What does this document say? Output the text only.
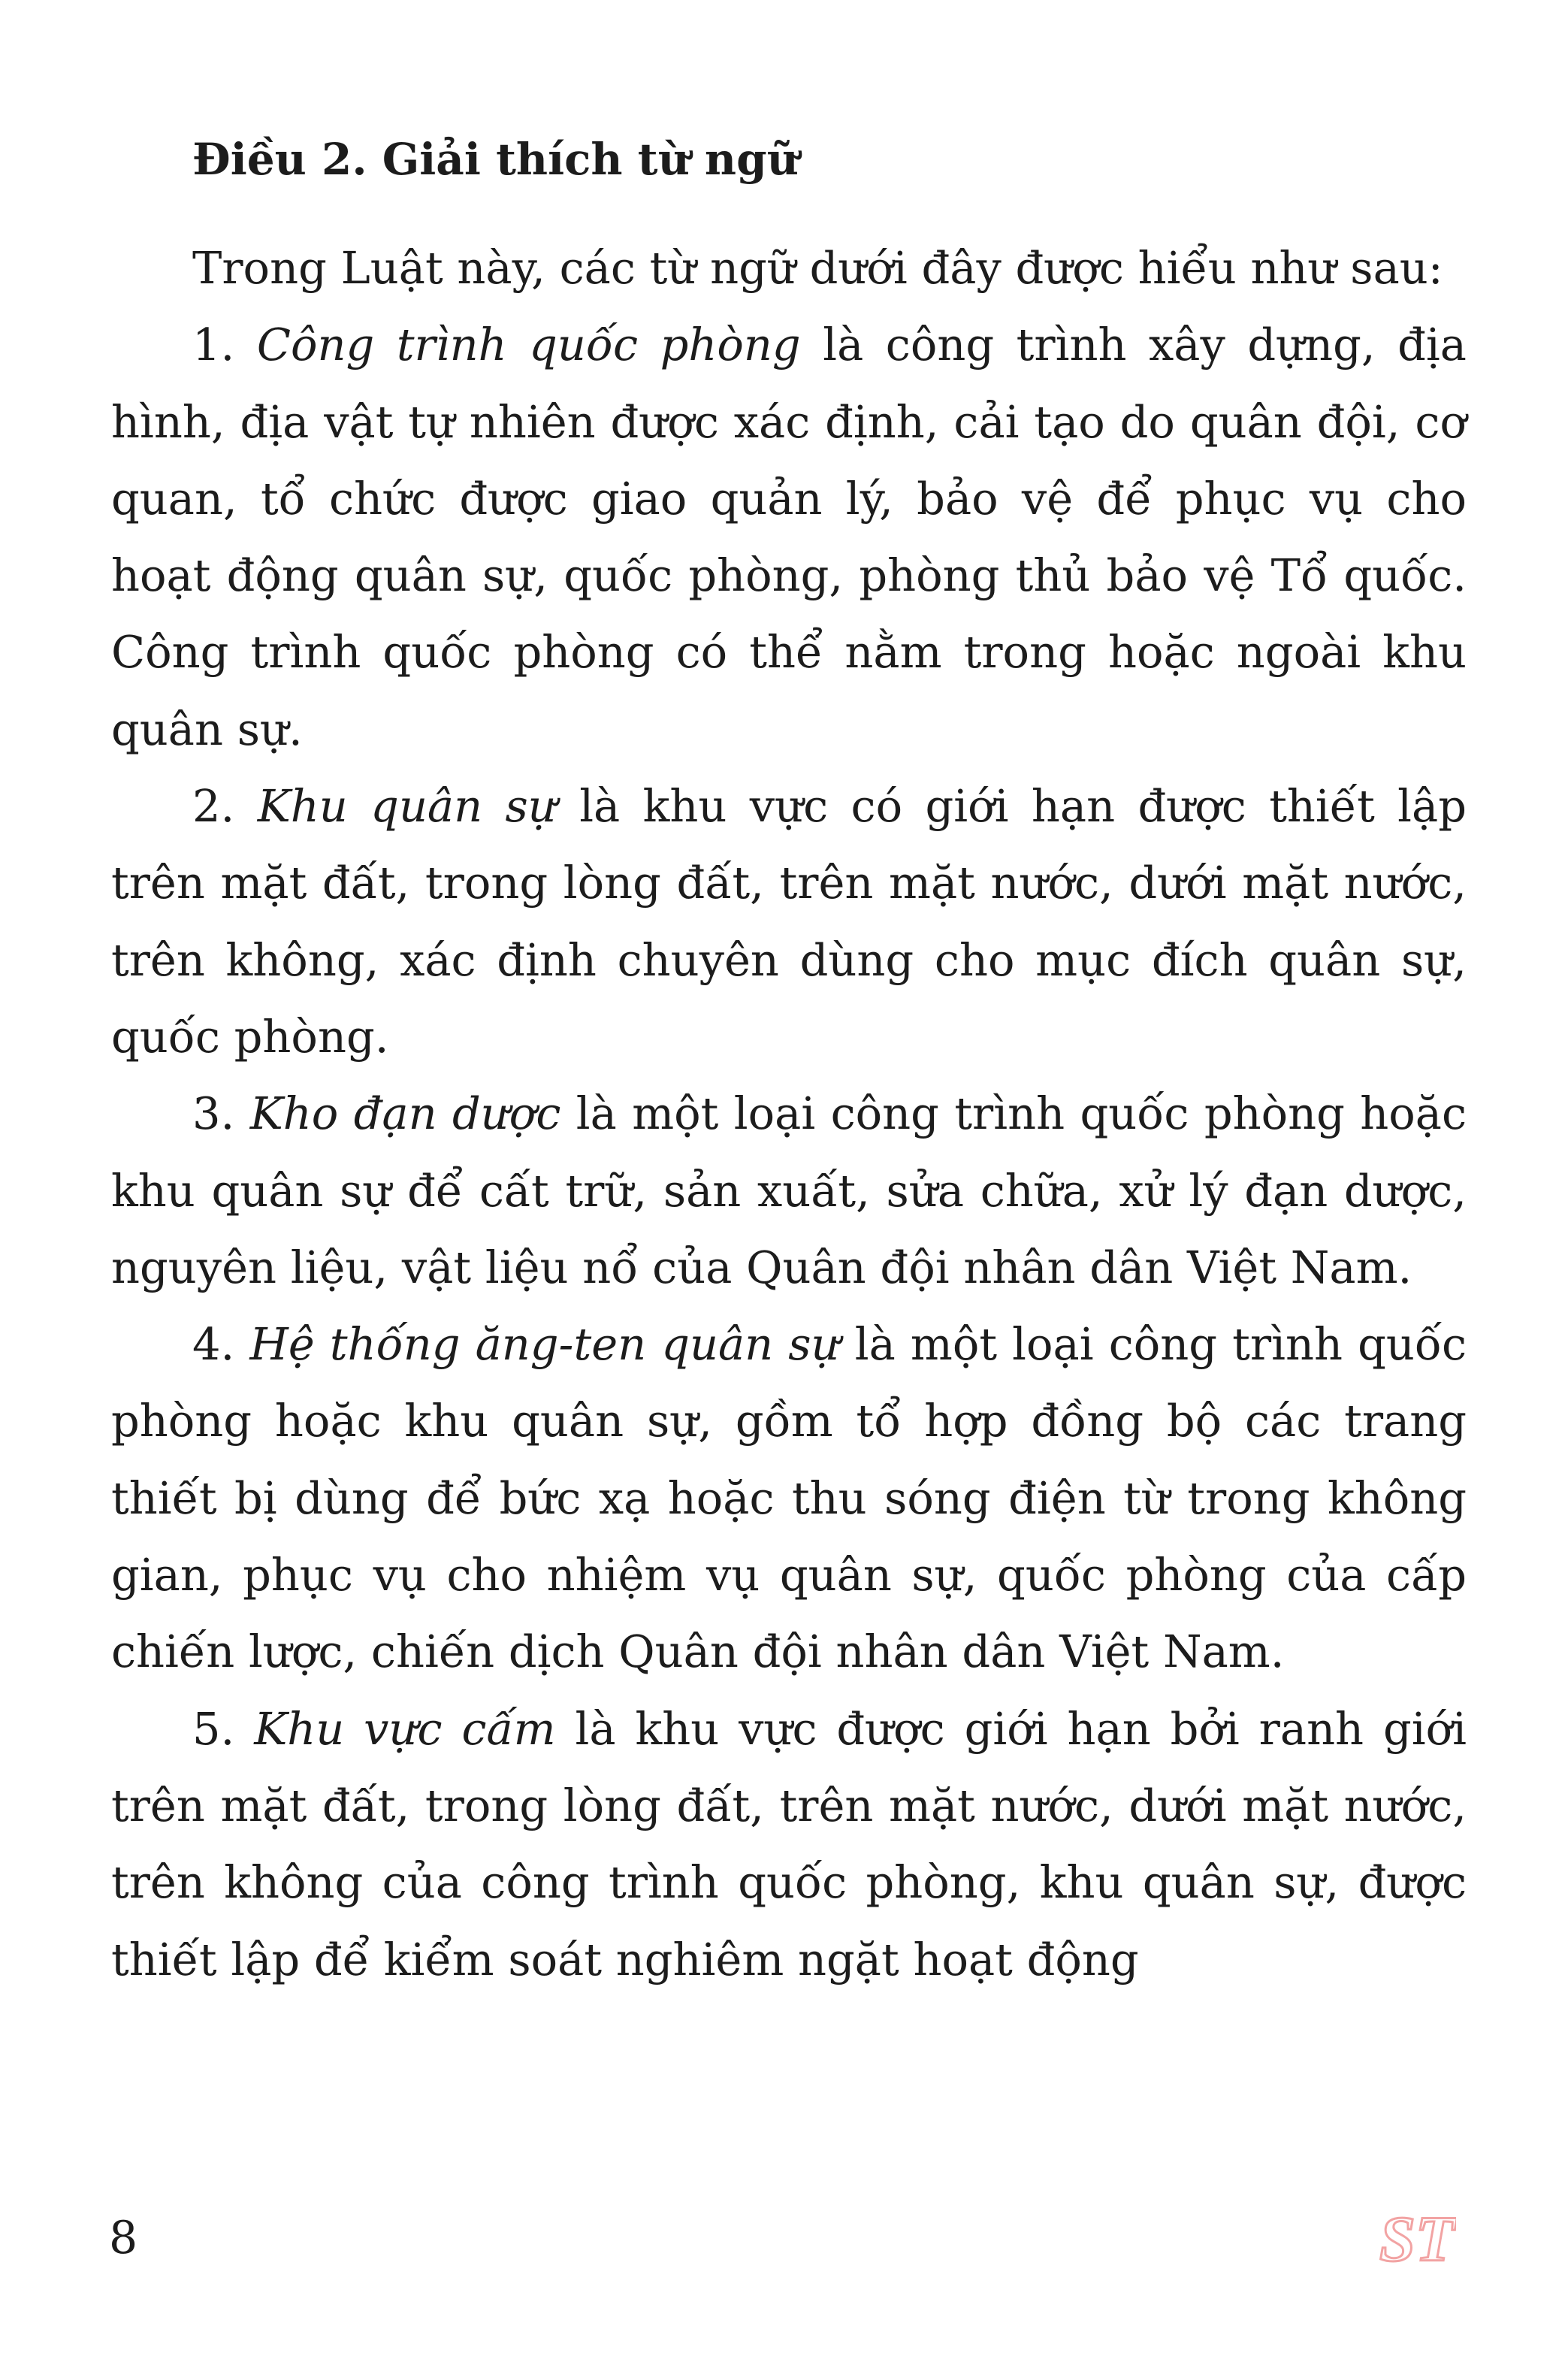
Điều 2. Giải thích từ ngữ

Trong Luật này, các từ ngữ dưới đây được hiểu như sau:

1. Công trình quốc phòng là công trình xây dựng, địa hình, địa vật tự nhiên được xác định, cải tạo do quân đội, cơ quan, tổ chức được giao quản lý, bảo vệ để phục vụ cho hoạt động quân sự, quốc phòng, phòng thủ bảo vệ Tổ quốc. Công trình quốc phòng có thể nằm trong hoặc ngoài khu quân sự.

2. Khu quân sự là khu vực có giới hạn được thiết lập trên mặt đất, trong lòng đất, trên mặt nước, dưới mặt nước, trên không, xác định chuyên dùng cho mục đích quân sự, quốc phòng.

3. Kho đạn dược là một loại công trình quốc phòng hoặc khu quân sự để cất trữ, sản xuất, sửa chữa, xử lý đạn dược, nguyên liệu, vật liệu nổ của Quân đội nhân dân Việt Nam.

4. Hệ thống ăng-ten quân sự là một loại công trình quốc phòng hoặc khu quân sự, gồm tổ hợp đồng bộ các trang thiết bị dùng để bức xạ hoặc thu sóng điện từ trong không gian, phục vụ cho nhiệm vụ quân sự, quốc phòng của cấp chiến lược, chiến dịch Quân đội nhân dân Việt Nam.

5. Khu vực cấm là khu vực được giới hạn bởi ranh giới trên mặt đất, trong lòng đất, trên mặt nước, dưới mặt nước, trên không của công trình quốc phòng, khu quân sự, được thiết lập để kiểm soát nghiêm ngặt hoạt động

8	ST
